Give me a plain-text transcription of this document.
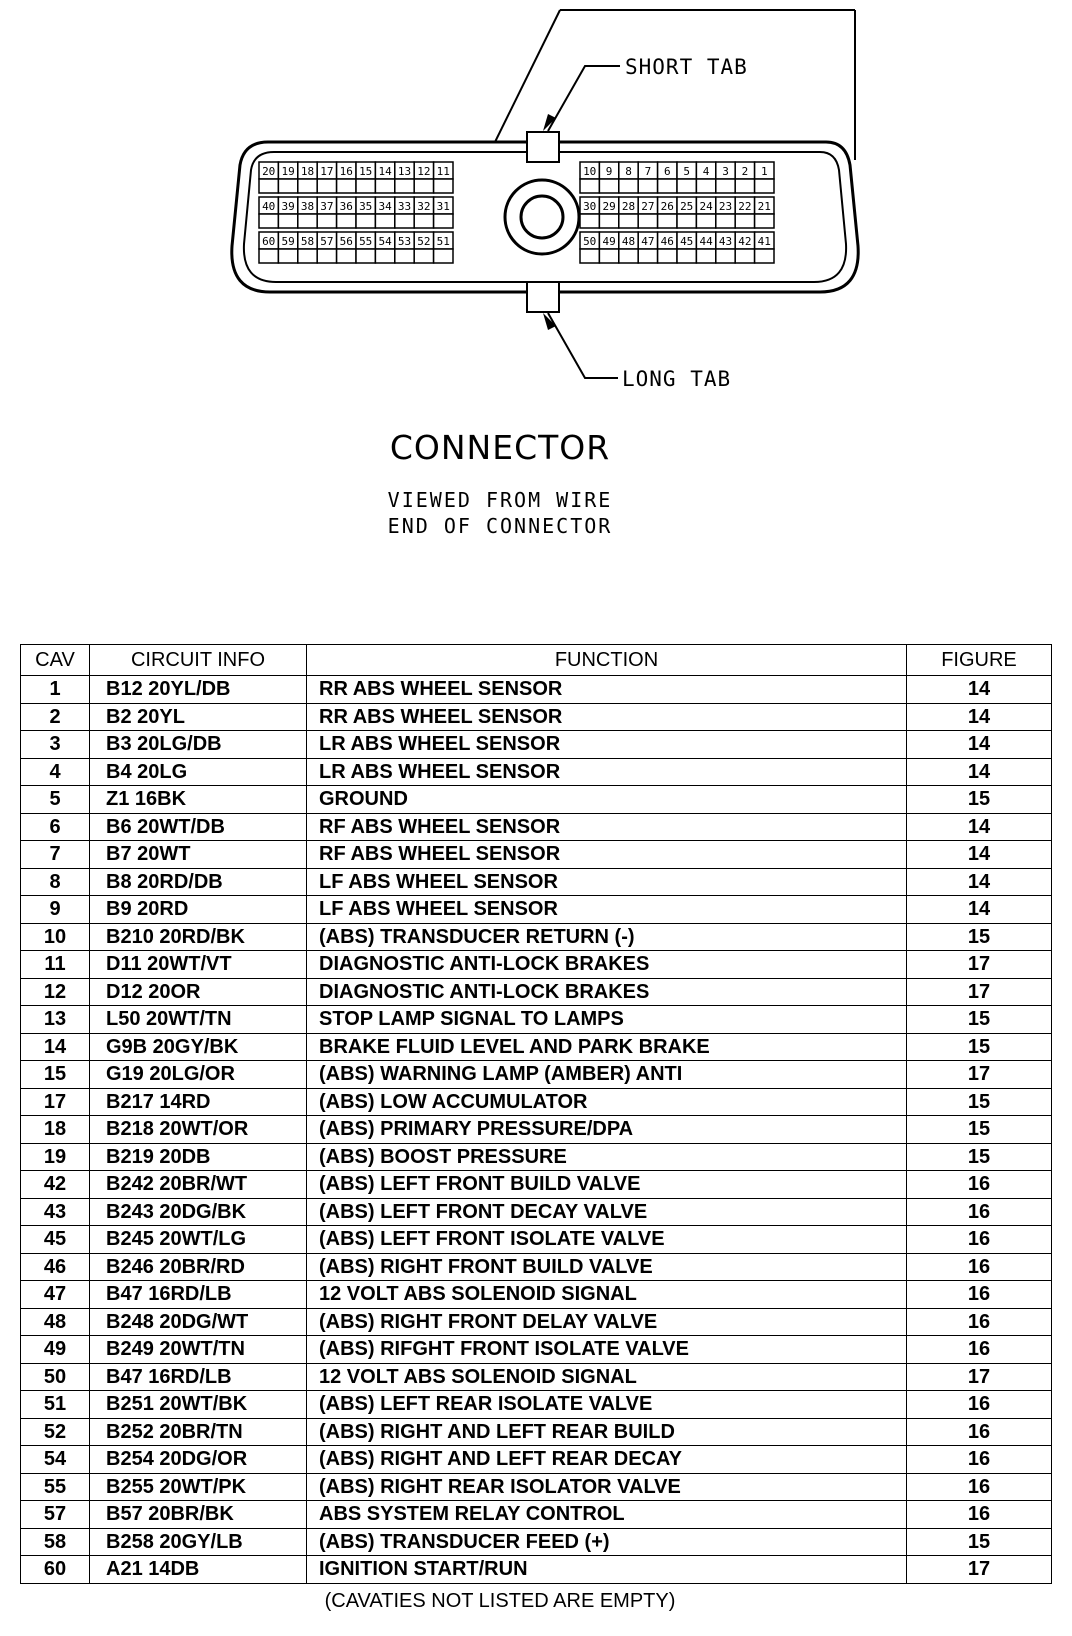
20 19 18 17 16 15 14 13 12 11
40 39 38 37 36 35 34 33 32 31
60 59 58 57 56 55 54 53 52 51
10 9 8 7 6 5 4 3 2 1
30 29 28 27 26 25 24 23 22 21
50 49 48 47 46 45 44 43 42 41
SHORT TAB
LONG TAB
CONNECTOR
VIEWED FROM WIRE
END OF CONNECTOR
CAV	CIRCUIT INFO	FUNCTION	FIGURE
1	B12 20YL/DB	RR ABS WHEEL SENSOR	14
2	B2 20YL	RR ABS WHEEL SENSOR	14
3	B3 20LG/DB	LR ABS WHEEL SENSOR	14
4	B4 20LG	LR ABS WHEEL SENSOR	14
5	Z1 16BK	GROUND	15
6	B6 20WT/DB	RF ABS WHEEL SENSOR	14
7	B7 20WT	RF ABS WHEEL SENSOR	14
8	B8 20RD/DB	LF ABS WHEEL SENSOR	14
9	B9 20RD	LF ABS WHEEL SENSOR	14
10	B210 20RD/BK	(ABS) TRANSDUCER RETURN (-)	15
11	D11 20WT/VT	DIAGNOSTIC ANTI-LOCK BRAKES	17
12	D12 20OR	DIAGNOSTIC ANTI-LOCK BRAKES	17
13	L50 20WT/TN	STOP LAMP SIGNAL TO LAMPS	15
14	G9B 20GY/BK	BRAKE FLUID LEVEL AND PARK BRAKE	15
15	G19 20LG/OR	(ABS) WARNING LAMP (AMBER) ANTI	17
17	B217 14RD	(ABS) LOW ACCUMULATOR	15
18	B218 20WT/OR	(ABS) PRIMARY PRESSURE/DPA	15
19	B219 20DB	(ABS) BOOST PRESSURE	15
42	B242 20BR/WT	(ABS) LEFT FRONT BUILD VALVE	16
43	B243 20DG/BK	(ABS) LEFT FRONT DECAY VALVE	16
45	B245 20WT/LG	(ABS) LEFT FRONT ISOLATE VALVE	16
46	B246 20BR/RD	(ABS) RIGHT FRONT BUILD VALVE	16
47	B47 16RD/LB	12 VOLT ABS SOLENOID SIGNAL	16
48	B248 20DG/WT	(ABS) RIGHT FRONT DELAY VALVE	16
49	B249 20WT/TN	(ABS) RIFGHT FRONT ISOLATE VALVE	16
50	B47 16RD/LB	12 VOLT ABS SOLENOID SIGNAL	17
51	B251 20WT/BK	(ABS) LEFT REAR ISOLATE VALVE	16
52	B252 20BR/TN	(ABS) RIGHT AND LEFT REAR BUILD	16
54	B254 20DG/OR	(ABS) RIGHT AND LEFT REAR DECAY	16
55	B255 20WT/PK	(ABS) RIGHT REAR ISOLATOR VALVE	16
57	B57 20BR/BK	ABS SYSTEM RELAY CONTROL	16
58	B258 20GY/LB	(ABS) TRANSDUCER FEED (+)	15
60	A21 14DB	IGNITION START/RUN	17
(CAVATIES NOT LISTED ARE EMPTY)
